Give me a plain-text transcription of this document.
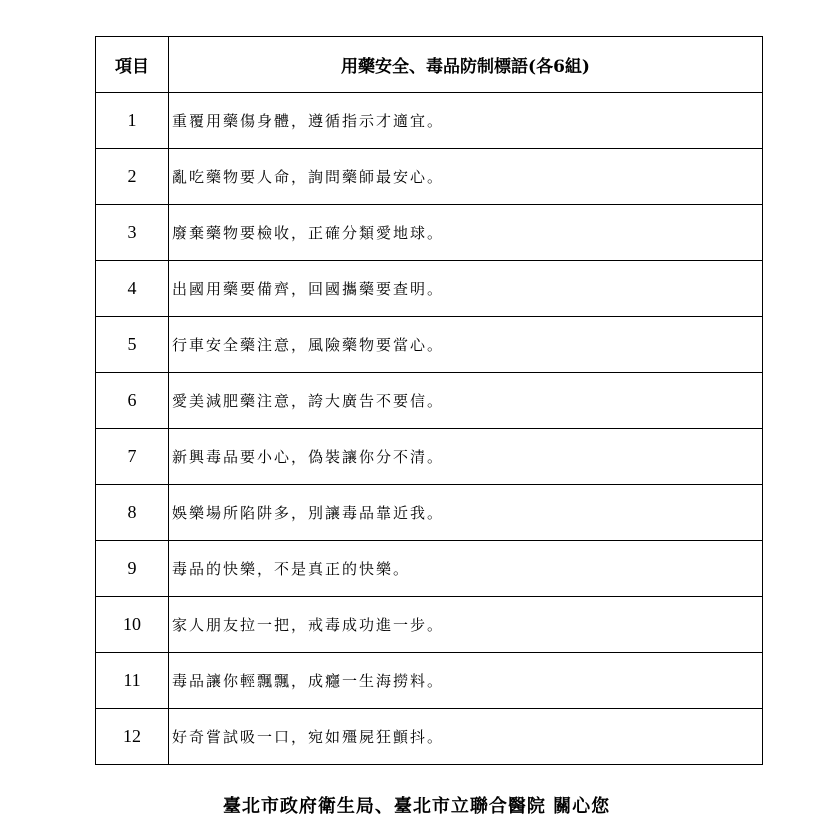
項目	用藥安全、毒品防制標語(各6組)
1	重覆用藥傷身體，遵循指示才適宜。
2	亂吃藥物要人命，詢問藥師最安心。
3	廢棄藥物要檢收，正確分類愛地球。
4	出國用藥要備齊，回國攜藥要查明。
5	行車安全藥注意，風險藥物要當心。
6	愛美減肥藥注意，誇大廣告不要信。
7	新興毒品要小心，偽裝讓你分不清。
8	娛樂場所陷阱多，別讓毒品靠近我。
9	毒品的快樂，不是真正的快樂。
10	家人朋友拉一把，戒毒成功進一步。
11	毒品讓你輕飄飄，成癮一生海撈料。
12	好奇嘗試吸一口，宛如殭屍狂顫抖。
臺北市政府衛生局、臺北市立聯合醫院 關心您
